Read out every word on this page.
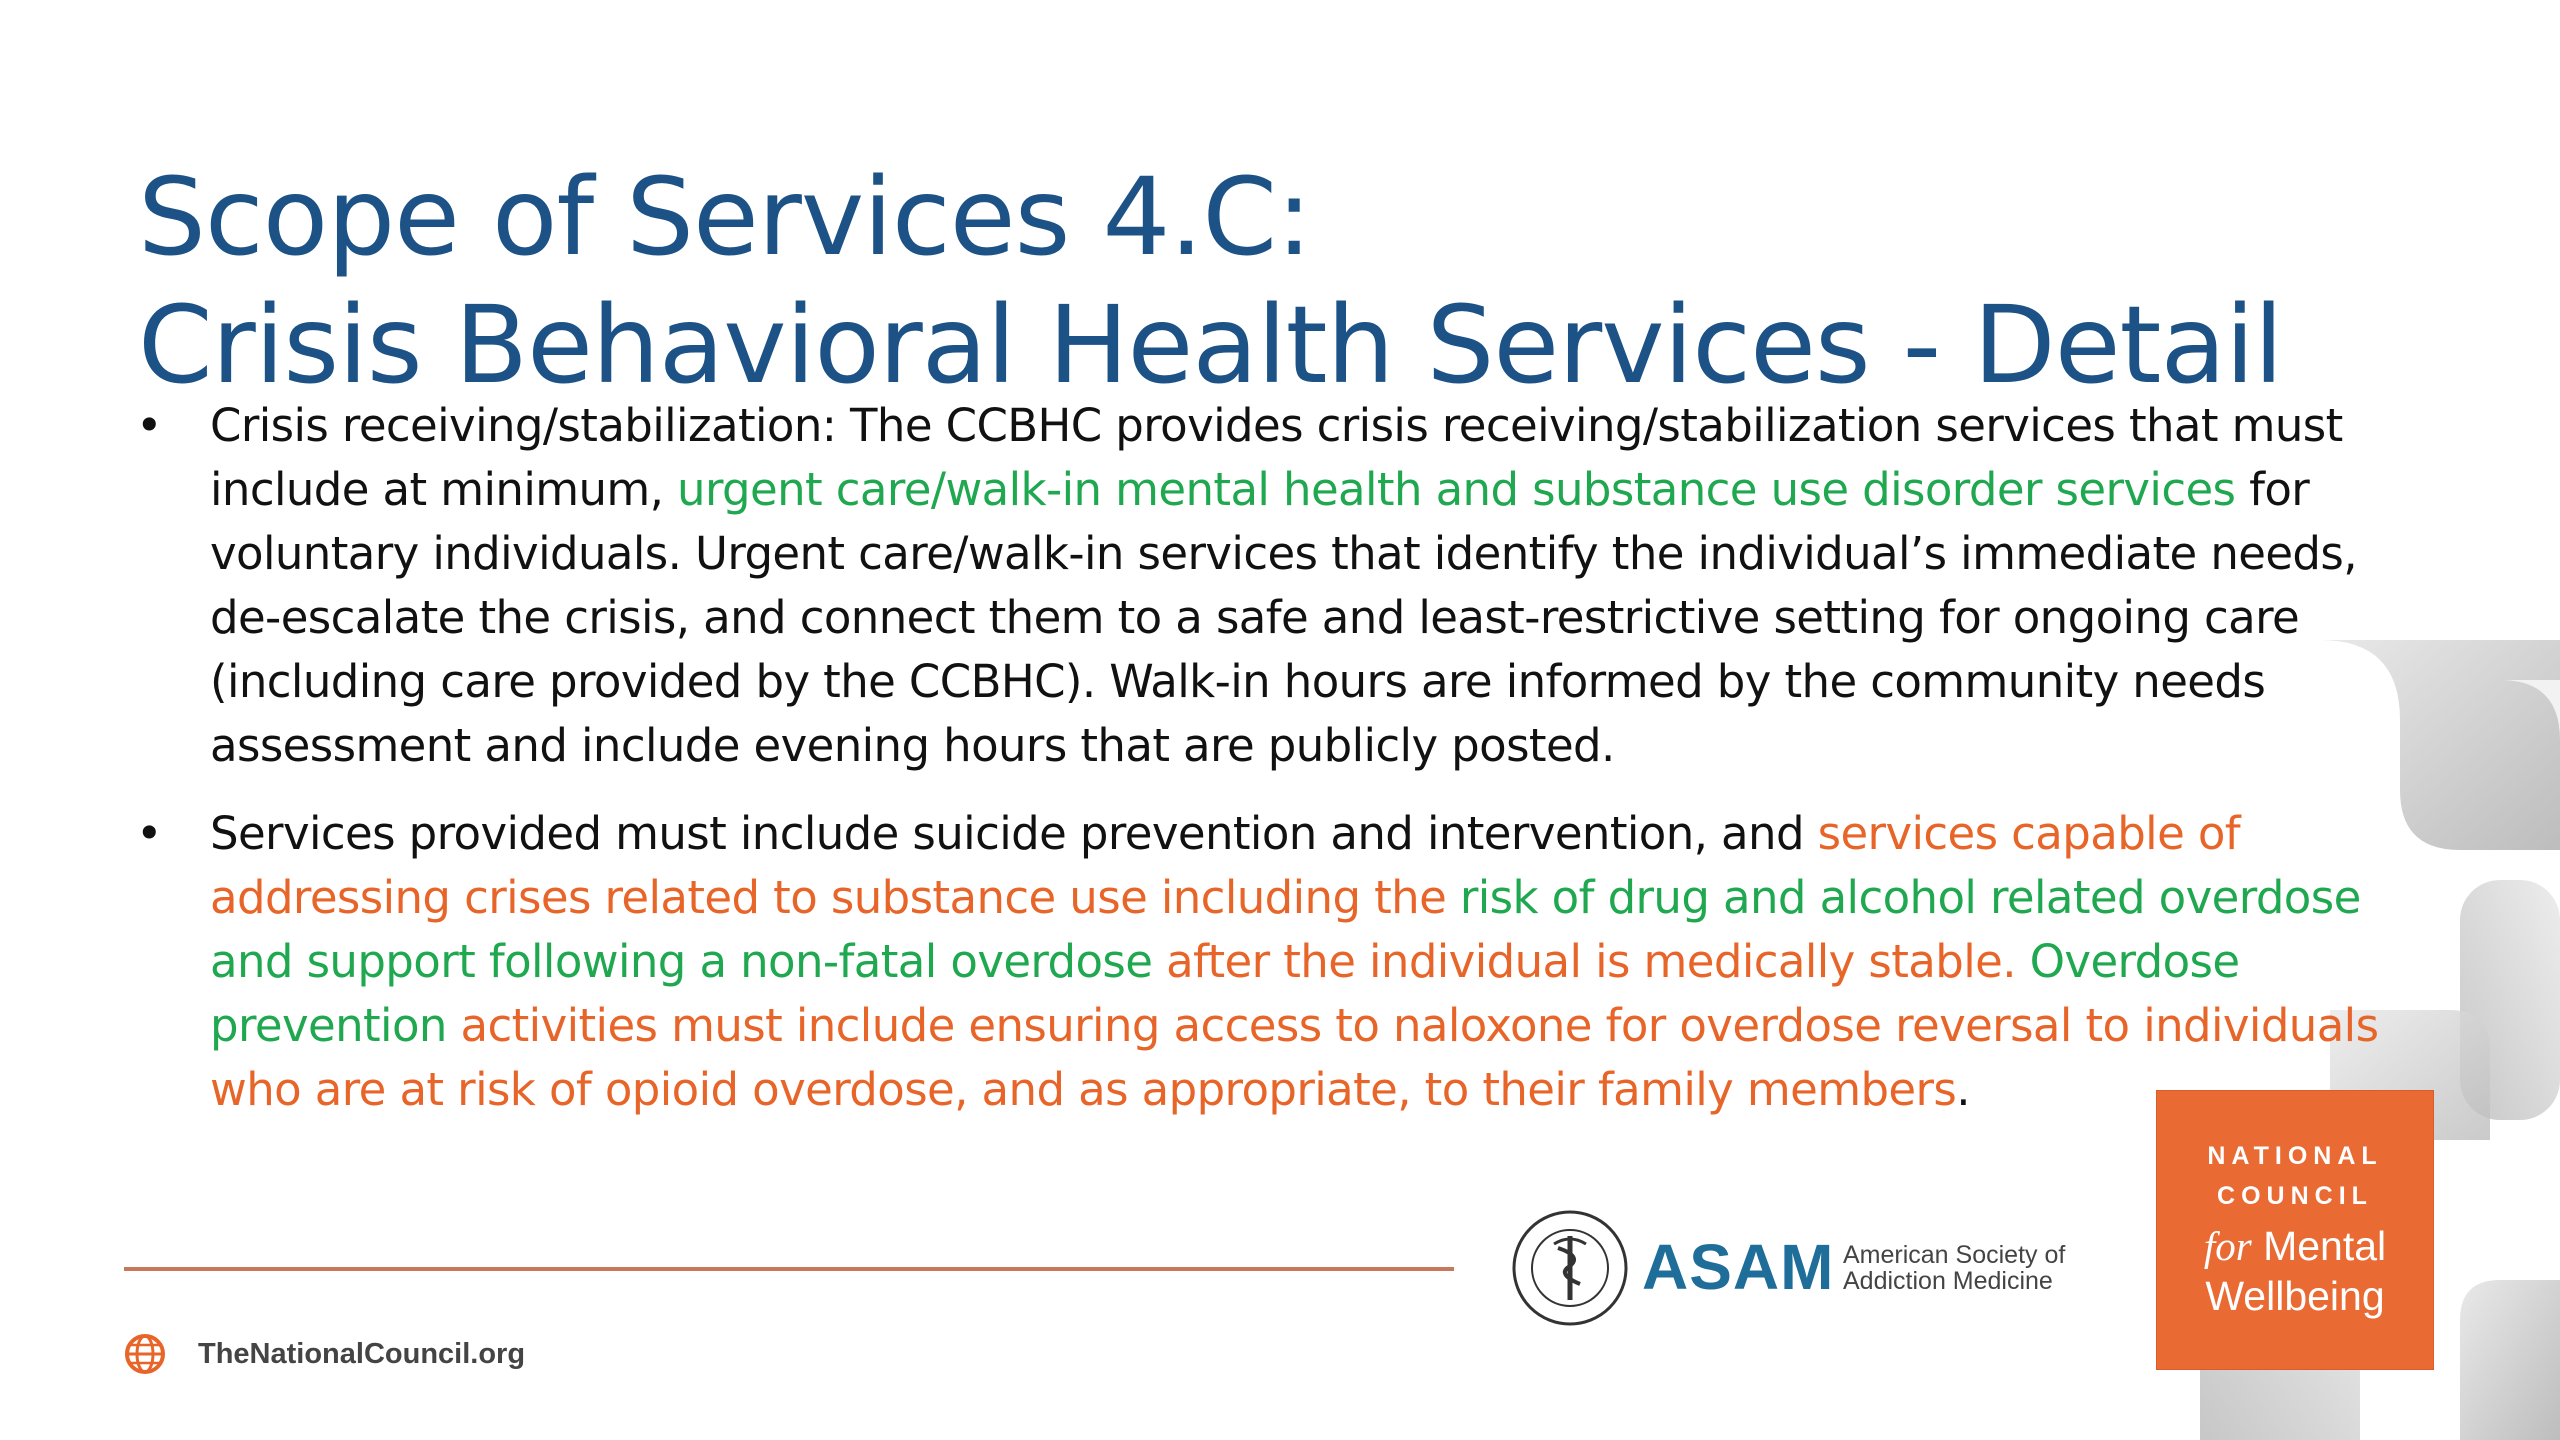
Scope of Services 4.C:
Crisis Behavioral Health Services - Detail
• Crisis receiving/stabilization: The CCBHC provides crisis receiving/stabilization services that must include at minimum, urgent care/walk-in mental health and substance use disorder services for voluntary individuals. Urgent care/walk-in services that identify the individual’s immediate needs, de-escalate the crisis, and connect them to a safe and least-restrictive setting for ongoing care (including care provided by the CCBHC). Walk-in hours are informed by the community needs assessment and include evening hours that are publicly posted.
• Services provided must include suicide prevention and intervention, and services capable of addressing crises related to substance use including the risk of drug and alcohol related overdose and support following a non-fatal overdose after the individual is medically stable. Overdose prevention activities must include ensuring access to naloxone for overdose reversal to individuals who are at risk of opioid overdose, and as appropriate, to their family members.
TheNationalCouncil.org
ASAM American Society of
Addiction Medicine
NATIONAL
COUNCIL
for Mental
Wellbeing
